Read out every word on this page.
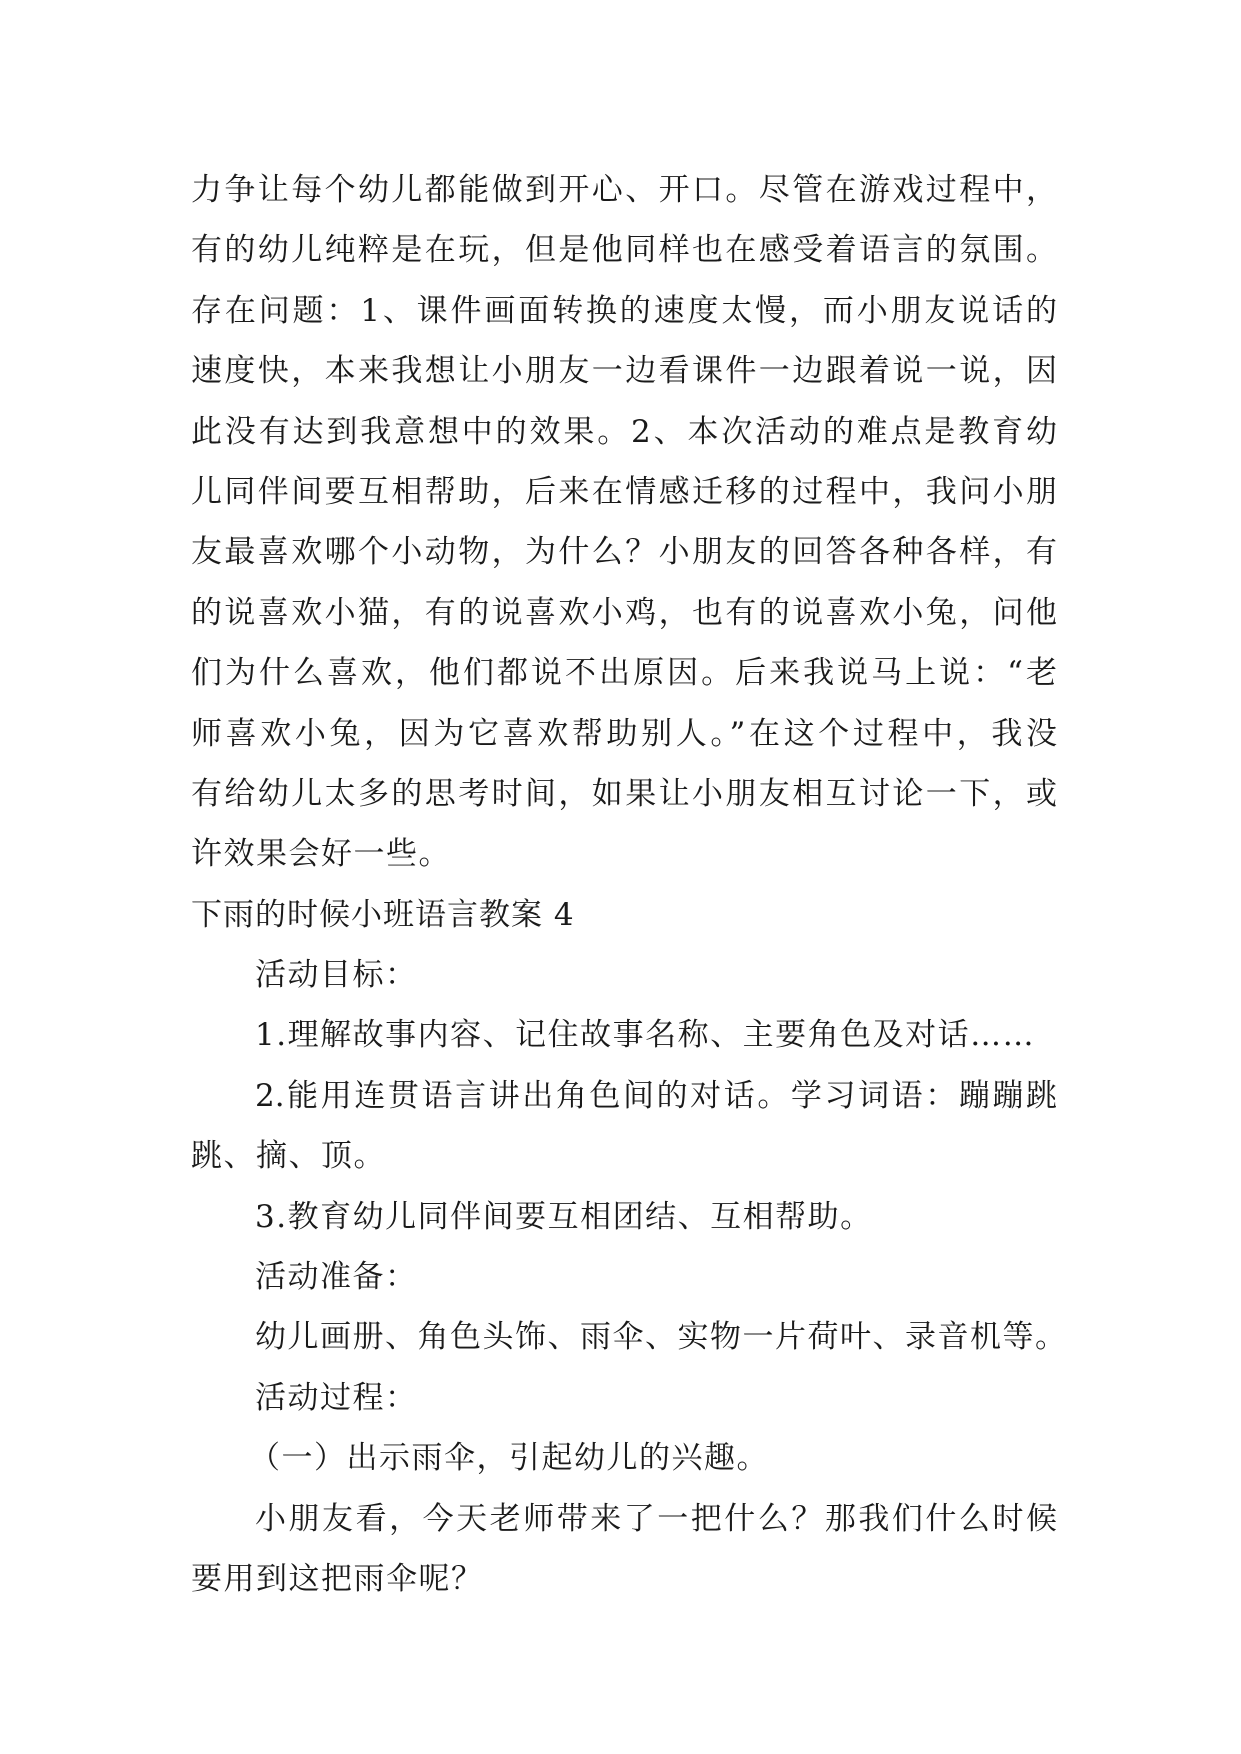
力争让每个幼儿都能做到开心、开口。尽管在游戏过程中，
有的幼儿纯粹是在玩，但是他同样也在感受着语言的氛围。
存在问题：1、课件画面转换的速度太慢，而小朋友说话的
速度快，本来我想让小朋友一边看课件一边跟着说一说，因
此没有达到我意想中的效果。2、本次活动的难点是教育幼
儿同伴间要互相帮助，后来在情感迁移的过程中，我问小朋
友最喜欢哪个小动物，为什么？小朋友的回答各种各样，有
的说喜欢小猫，有的说喜欢小鸡，也有的说喜欢小兔，问他
们为什么喜欢，他们都说不出原因。后来我说马上说：“老
师喜欢小兔，因为它喜欢帮助别人。”在这个过程中，我没
有给幼儿太多的思考时间，如果让小朋友相互讨论一下，或
许效果会好一些。
下雨的时候小班语言教案 4
活动目标：
1.理解故事内容、记住故事名称、主要角色及对话……
2.能用连贯语言讲出角色间的对话。学习词语：蹦蹦跳
跳、摘、顶。
3.教育幼儿同伴间要互相团结、互相帮助。
活动准备：
幼儿画册、角色头饰、雨伞、实物一片荷叶、录音机等。
活动过程：
（一）出示雨伞，引起幼儿的兴趣。
小朋友看，今天老师带来了一把什么？那我们什么时候
要用到这把雨伞呢？
